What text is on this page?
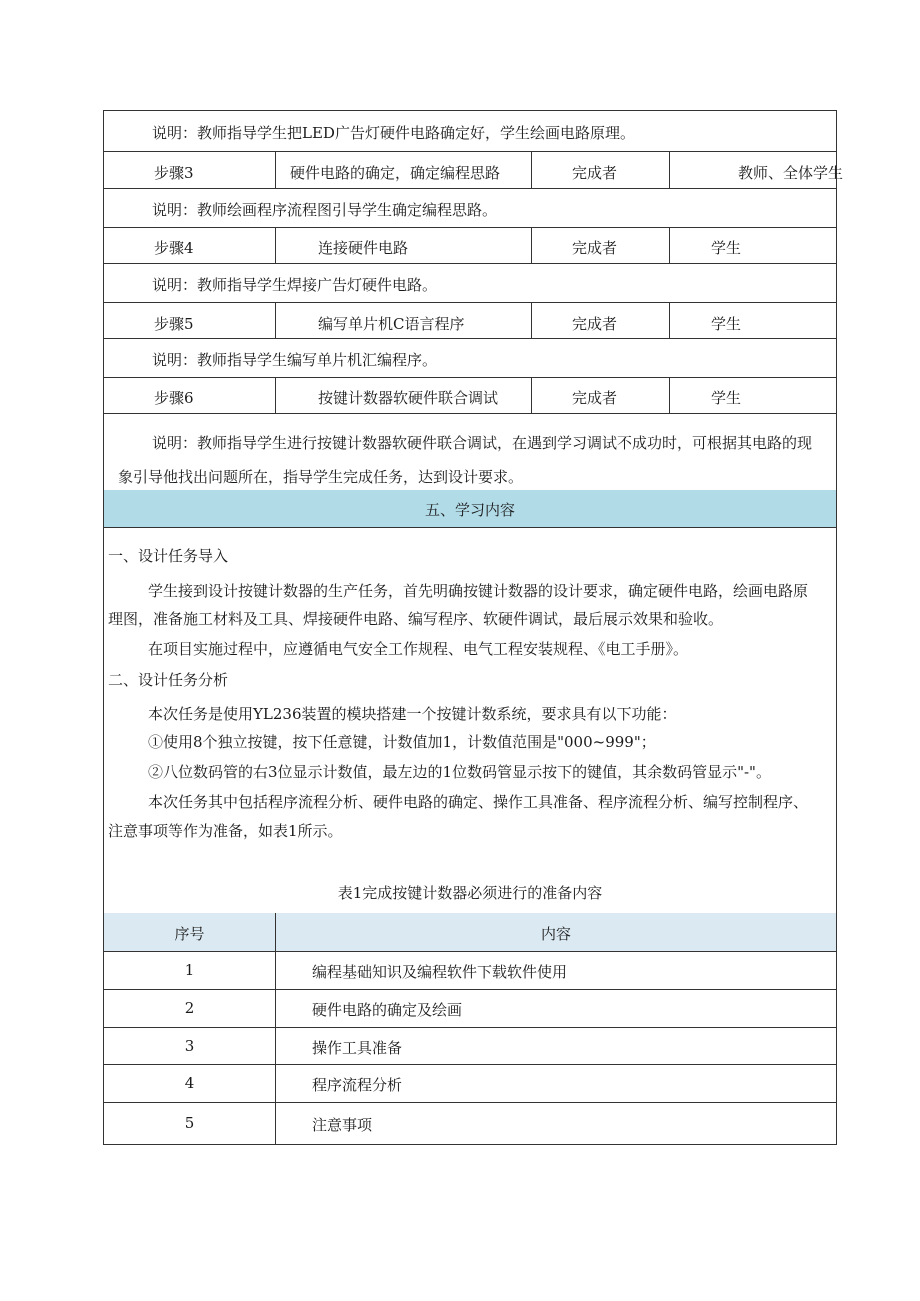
说明：教师指导学生把LED广告灯硬件电路确定好，学生绘画电路原理。
步骤3	硬件电路的确定，确定编程思路	完成者	教师、全体学生
说明：教师绘画程序流程图引导学生确定编程思路。
步骤4	连接硬件电路	完成者	学生
说明：教师指导学生焊接广告灯硬件电路。
步骤5	编写单片机C语言程序	完成者	学生
说明：教师指导学生编写单片机汇编程序。
步骤6	按键计数器软硬件联合调试	完成者	学生
说明：教师指导学生进行按键计数器软硬件联合调试，在遇到学习调试不成功时，可根据其电路的现
象引导他找出问题所在，指导学生完成任务，达到设计要求。
五、学习内容
一、设计任务导入
学生接到设计按键计数器的生产任务，首先明确按键计数器的设计要求，确定硬件电路，绘画电路原
理图，准备施工材料及工具、焊接硬件电路、编写程序、软硬件调试，最后展示效果和验收。
在项目实施过程中，应遵循电气安全工作规程、电气工程安装规程、《电工手册》。
二、设计任务分析
本次任务是使用YL236装置的模块搭建一个按键计数系统，要求具有以下功能：
①使用8个独立按键，按下任意键，计数值加1，计数值范围是"000~999"；
②八位数码管的右3位显示计数值，最左边的1位数码管显示按下的键值，其余数码管显示"-"。
本次任务其中包括程序流程分析、硬件电路的确定、操作工具准备、程序流程分析、编写控制程序、
注意事项等作为准备，如表1所示。
表1完成按键计数器必须进行的准备内容
序号	内容
1	编程基础知识及编程软件下载软件使用
2	硬件电路的确定及绘画
3	操作工具准备
4	程序流程分析
5	注意事项
